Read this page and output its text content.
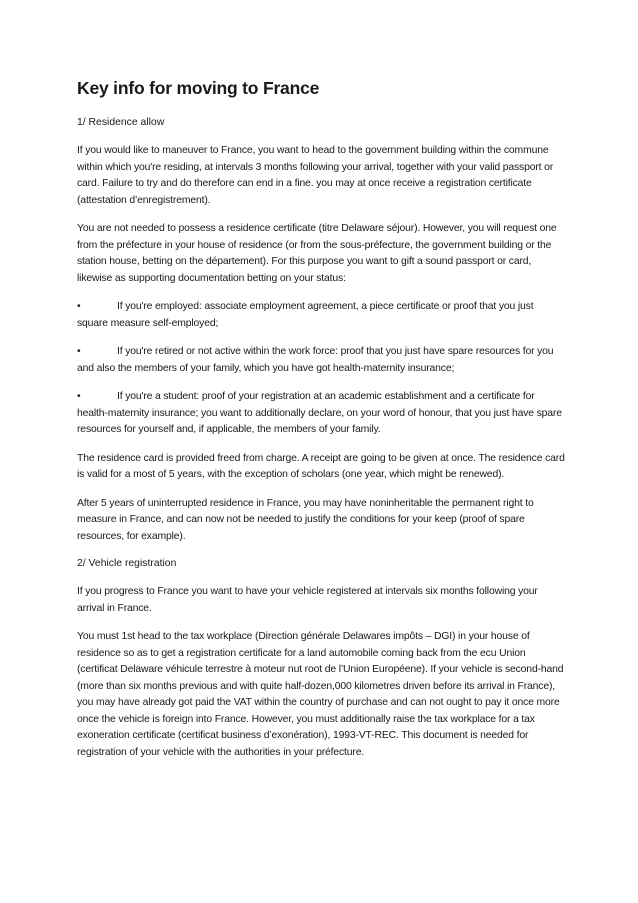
Key info for moving to France
1/ Residence allow

If you would like to maneuver to France, you want to head to the government building within the commune within which you're residing, at intervals 3 months following your arrival, together with your valid passport or card. Failure to try and do therefore can end in a fine. you may at once receive a registration certificate (attestation d’enregistrement).

You are not needed to possess a residence certificate (titre Delaware séjour). However, you will request one from the préfecture in your house of residence (or from the sous-préfecture, the government building or the station house, betting on the département). For this purpose you want to gift a sound passport or card, likewise as supporting documentation betting on your status:

•	If you're employed: associate employment agreement, a piece certificate or proof that you just square measure self-employed;
•	If you're retired or not active within the work force: proof that you just have spare resources for you and also the members of your family, which you have got health-maternity insurance;
•	If you're a student: proof of your registration at an academic establishment and a certificate for health-maternity insurance; you want to additionally declare, on your word of honour, that you just have spare resources for yourself and, if applicable, the members of your family.

The residence card is provided freed from charge. A receipt are going to be given at once. The residence card is valid for a most of 5 years, with the exception of scholars (one year, which might be renewed).

After 5 years of uninterrupted residence in France, you may have noninheritable the permanent right to measure in France, and can now not be needed to justify the conditions for your keep (proof of spare resources, for example).

2/ Vehicle registration

If you progress to France you want to have your vehicle registered at intervals six months following your arrival in France.

You must 1st head to the tax workplace (Direction générale Delawares impôts – DGI) in your house of residence so as to get a registration certificate for a land automobile coming back from the ecu Union (certificat Delaware véhicule terrestre à moteur nut root de l’Union Européene). If your vehicle is second-hand (more than six months previous and with quite half-dozen,000 kilometres driven before its arrival in France), you may have already got paid the VAT within the country of purchase and can not ought to pay it once more once the vehicle is foreign into France. However, you must additionally raise the tax workplace for a tax exoneration certificate (certificat business d’exonération), 1993-VT-REC. This document is needed for registration of your vehicle with the authorities in your préfecture.
